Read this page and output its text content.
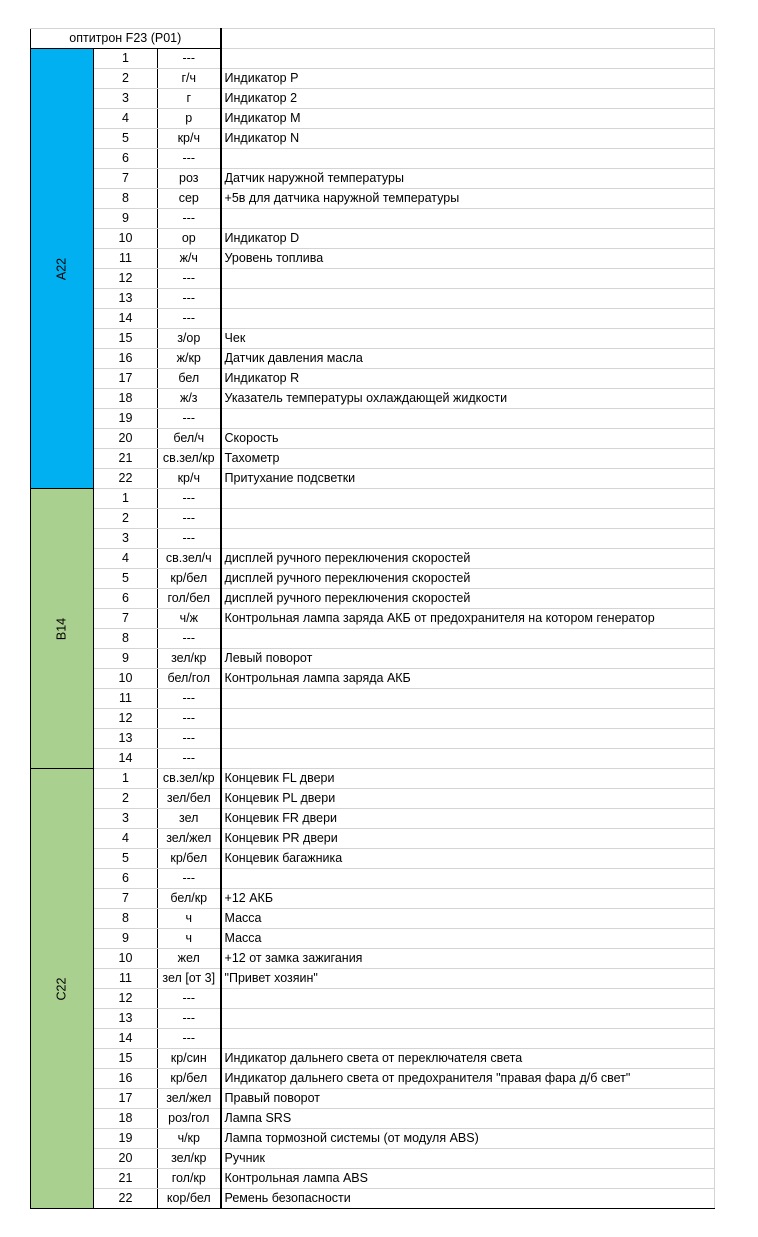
оптитрон F23 (P01)			

A22	1	---	
	2	г/ч	Индикатор P
	3	г	Индикатор 2
	4	р	Индикатор M
	5	кр/ч	Индикатор N
	6	---	
	7	роз	Датчик наружной температуры
	8	сер	+5в для датчика наружной температуры
	9	---	
	10	ор	Индикатор D
	11	ж/ч	Уровень топлива
	12	---	
	13	---	
	14	---	
	15	з/ор	Чек
	16	ж/кр	Датчик давления масла
	17	бел	Индикатор R
	18	ж/з	Указатель температуры охлаждающей жидкости
	19	---	
	20	бел/ч	Скорость
	21	св.зел/кр	Тахометр
	22	кр/ч	Притухание подсветки

B14	1	---	
	2	---	
	3	---	
	4	св.зел/ч	дисплей ручного переключения скоростей
	5	кр/бел	дисплей ручного переключения скоростей
	6	гол/бел	дисплей ручного переключения скоростей
	7	ч/ж	Контрольная лампа заряда АКБ от предохранителя на котором генератор
	8	---	
	9	зел/кр	Левый поворот
	10	бел/гол	Контрольная лампа заряда АКБ
	11	---	
	12	---	
	13	---	
	14	---	

C22	1	св.зел/кр	Концевик FL двери
	2	зел/бел	Концевик PL двери
	3	зел	Концевик FR двери
	4	зел/жел	Концевик PR двери
	5	кр/бел	Концевик багажника
	6	---	
	7	бел/кр	+12 АКБ
	8	ч	Масса
	9	ч	Масса
	10	жел	+12 от замка зажигания
	11	зел [от 3]	"Привет хозяин"
	12	---	
	13	---	
	14	---	
	15	кр/син	Индикатор дальнего света от переключателя света
	16	кр/бел	Индикатор дальнего света от предохранителя "правая фара д/б свет"
	17	зел/жел	Правый поворот
	18	роз/гол	Лампа SRS
	19	ч/кр	Лампа тормозной системы (от модуля ABS)
	20	зел/кр	Ручник
	21	гол/кр	Контрольная лампа ABS
	22	кор/бел	Ремень безопасности
